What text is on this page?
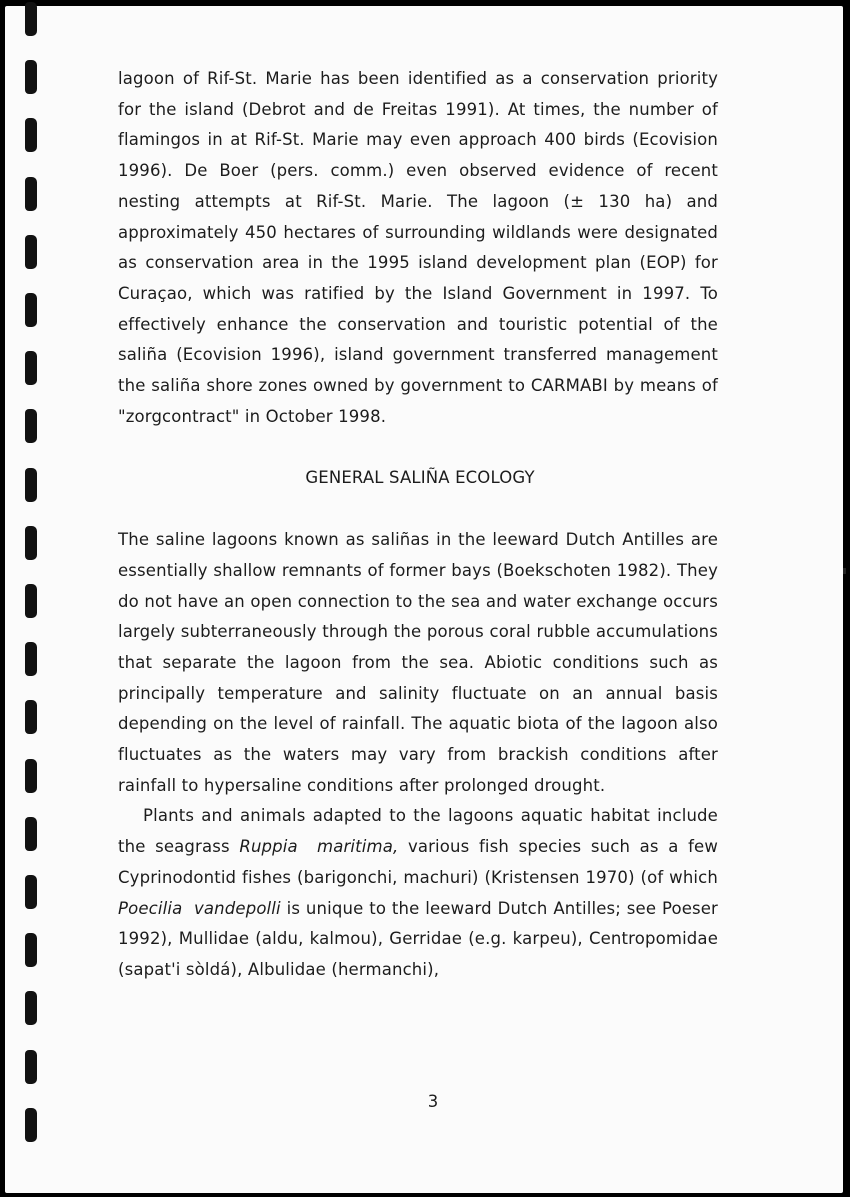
lagoon of Rif-St. Marie has been identified as a conservation priority for the island (Debrot and de Freitas 1991). At times, the number of flamingos in at Rif-St. Marie may even approach 400 birds (Ecovision 1996). De Boer (pers. comm.) even observed evidence of recent nesting attempts at Rif-St. Marie. The lagoon (± 130 ha) and approximately 450 hectares of surrounding wildlands were designated as conservation area in the 1995 island development plan (EOP) for Curaçao, which was ratified by the Island Government in 1997. To effectively enhance the conservation and touristic potential of the saliña (Ecovision 1996), island government transferred management the saliña shore zones owned by government to CARMABI by means of "zorgcontract" in October 1998.

GENERAL SALIÑA ECOLOGY

The saline lagoons known as saliñas in the leeward Dutch Antilles are essentially shallow remnants of former bays (Boekschoten 1982). They do not have an open connection to the sea and water exchange occurs largely subterraneously through the porous coral rubble accumulations that separate the lagoon from the sea. Abiotic conditions such as principally temperature and salinity fluctuate on an annual basis depending on the level of rainfall. The aquatic biota of the lagoon also fluctuates as the waters may vary from brackish conditions after rainfall to hypersaline conditions after prolonged drought.

Plants and animals adapted to the lagoons aquatic habitat include the seagrass Ruppia  maritima, various fish species such as a few Cyprinodontid fishes (barigonchi, machuri) (Kristensen 1970) (of which Poecilia  vandepolli is unique to the leeward Dutch Antilles; see Poeser 1992), Mullidae (aldu, kalmou), Gerridae (e.g. karpeu), Centropomidae (sapat'i sòldá), Albulidae (hermanchi),

3
